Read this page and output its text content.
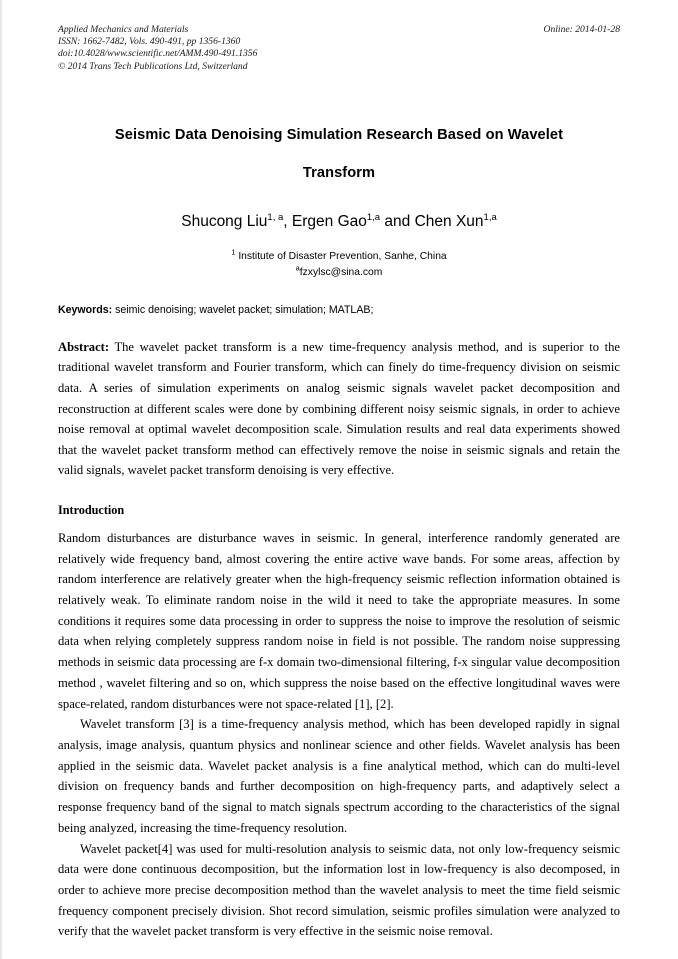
Online: 2014-01-28
Applied Mechanics and Materials
ISSN: 1662-7482, Vols. 490-491, pp 1356-1360
doi:10.4028/www.scientific.net/AMM.490-491.1356
© 2014 Trans Tech Publications Ltd, Switzerland
Seismic Data Denoising Simulation Research Based on Wavelet
Transform
Shucong Liu$^{1, a}$, Ergen Gao$^{1,a}$ and Chen Xun$^{1,a}$
$^1$ Institute of Disaster Prevention, Sanhe, China
$^a$fzxylsc@sina.com
Keywords: seimic denoising; wavelet packet; simulation; MATLAB;
Abstract: The wavelet packet transform is a new time-frequency analysis method, and is superior to the traditional wavelet transform and Fourier transform, which can finely do time-frequency division on seismic data. A series of simulation experiments on analog seismic signals wavelet packet decomposition and reconstruction at different scales were done by combining different noisy seismic signals, in order to achieve noise removal at optimal wavelet decomposition scale. Simulation results and real data experiments showed that the wavelet packet transform method can effectively remove the noise in seismic signals and retain the valid signals, wavelet packet transform denoising is very effective.
Introduction
Random disturbances are disturbance waves in seismic. In general, interference randomly generated are relatively wide frequency band, almost covering the entire active wave bands. For some areas, affection by random interference are relatively greater when the high-frequency seismic reflection information obtained is relatively weak. To eliminate random noise in the wild it need to take the appropriate measures. In some conditions it requires some data processing in order to suppress the noise to improve the resolution of seismic data when relying completely suppress random noise in field is not possible. The random noise suppressing methods in seismic data processing are f-x domain two-dimensional filtering, f-x singular value decomposition method , wavelet filtering and so on, which suppress the noise based on the effective longitudinal waves were space-related, random disturbances were not space-related [1], [2].
Wavelet transform [3] is a time-frequency analysis method, which has been developed rapidly in signal analysis, image analysis, quantum physics and nonlinear science and other fields. Wavelet analysis has been applied in the seismic data. Wavelet packet analysis is a fine analytical method, which can do multi-level division on frequency bands and further decomposition on high-frequency parts, and adaptively select a response frequency band of the signal to match signals spectrum according to the characteristics of the signal being analyzed, increasing the time-frequency resolution.
Wavelet packet[4] was used for multi-resolution analysis to seismic data, not only low-frequency seismic data were done continuous decomposition, but the information lost in low-frequency is also decomposed, in order to achieve more precise decomposition method than the wavelet analysis to meet the time field seismic frequency component precisely division. Shot record simulation, seismic profiles simulation were analyzed to verify that the wavelet packet transform is very effective in the seismic noise removal.
